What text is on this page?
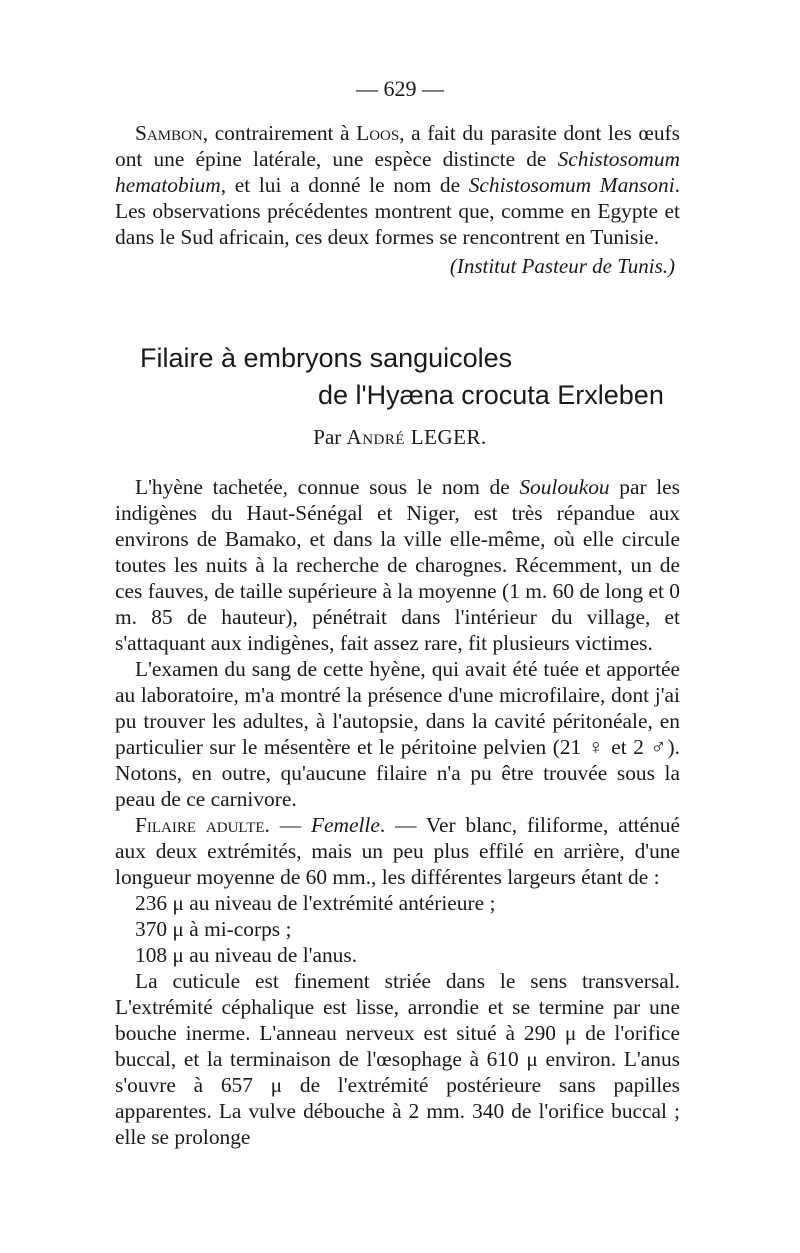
— 629 —

Sambon, contrairement à Loos, a fait du parasite dont les œufs ont une épine latérale, une espèce distincte de Schistosomum hematobium, et lui a donné le nom de Schistosomum Mansoni. Les observations précédentes montrent que, comme en Egypte et dans le Sud africain, ces deux formes se rencontrent en Tunisie.

(Institut Pasteur de Tunis.)
Filaire à embryons sanguicoles
de l'Hyæna crocuta Erxleben
Par André LEGER.

L'hyène tachetée, connue sous le nom de Souloukou par les indigènes du Haut-Sénégal et Niger, est très répandue aux environs de Bamako, et dans la ville elle-même, où elle circule toutes les nuits à la recherche de charognes. Récemment, un de ces fauves, de taille supérieure à la moyenne (1 m. 60 de long et 0 m. 85 de hauteur), pénétrait dans l'intérieur du village, et s'attaquant aux indigènes, fait assez rare, fit plusieurs victimes.

L'examen du sang de cette hyène, qui avait été tuée et apportée au laboratoire, m'a montré la présence d'une microfilaire, dont j'ai pu trouver les adultes, à l'autopsie, dans la cavité péritonéale, en particulier sur le mésentère et le péritoine pelvien (21 ♀ et 2 ♂). Notons, en outre, qu'aucune filaire n'a pu être trouvée sous la peau de ce carnivore.

Filaire adulte. — Femelle. — Ver blanc, filiforme, atténué aux deux extrémités, mais un peu plus effilé en arrière, d'une longueur moyenne de 60 mm., les différentes largeurs étant de :

236 μ au niveau de l'extrémité antérieure ;

370 μ à mi-corps ;

108 μ au niveau de l'anus.

La cuticule est finement striée dans le sens transversal. L'extrémité céphalique est lisse, arrondie et se termine par une bouche inerme. L'anneau nerveux est situé à 290 μ de l'orifice buccal, et la terminaison de l'œsophage à 610 μ environ. L'anus s'ouvre à 657 μ de l'extrémité postérieure sans papilles apparentes. La vulve débouche à 2 mm. 340 de l'orifice buccal ; elle se prolonge
